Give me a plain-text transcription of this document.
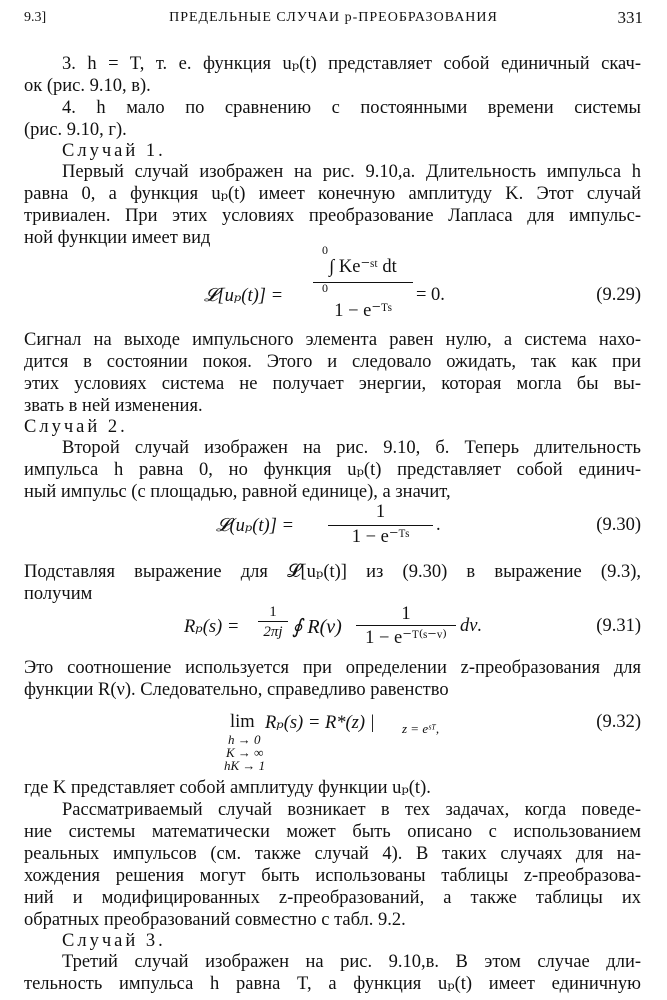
9.3]	ПРЕДЕЛЬНЫЕ СЛУЧАИ p-ПРЕОБРАЗОВАНИЯ	331
3. h = T, т. е. функция uₚ(t) представляет собой единичный скач-
ок (рис. 9.10, в).
4. h мало по сравнению с постоянными времени системы
(рис. 9.10, г).
Случай 1.
Первый случай изображен на рис. 9.10,а. Длительность импульса h
равна 0, а функция uₚ(t) имеет конечную амплитуду K. Этот случай
тривиален. При этих условиях преобразование Лапласа для импульс-
ной функции имеет вид
0
0
𝓛[uₚ(t)] =
∫ Ke⁻ˢᵗ dt
1 − e⁻ᵀˢ
= 0.	(9.29)
Сигнал на выходе импульсного элемента равен нулю, а система нахо-
дится в состоянии покоя. Этого и следовало ожидать, так как при
этих условиях система не получает энергии, которая могла бы вы-
звать в ней изменения.
Случай 2.
Второй случай изображен на рис. 9.10, б. Теперь длительность
импульса h равна 0, но функция uₚ(t) представляет собой единич-
ный импульс (с площадью, равной единице), а значит,
𝓛(uₚ(t)] =
1
1 − e⁻ᵀˢ
.	(9.30)
Подставляя выражение для 𝓛[uₚ(t)] из (9.30) в выражение (9.3),
получим
Rₚ(s) =
1
2πj ∮ R(ν)
1
1 − e⁻ᵀ⁽ˢ⁻ᵛ⁾
dν.	(9.31)
Это соотношение используется при определении z-преобразования для
функции R(ν). Следовательно, справедливо равенство
lim Rₚ(s) = R*(z) | z = eˢᵀ,
h → 0
K → ∞
hK → 1
(9.32)
где K представляет собой амплитуду функции uₚ(t).
Рассматриваемый случай возникает в тех задачах, когда поведе-
ние системы математически может быть описано с использованием
реальных импульсов (см. также случай 4). В таких случаях для на-
хождения решения могут быть использованы таблицы z-преобразова-
ний и модифицированных z-преобразований, а также таблицы их
обратных преобразований совместно с табл. 9.2.
Случай 3.
Третий случай изображен на рис. 9.10,в. В этом случае дли-
тельность импульса h равна T, а функция uₚ(t) имеет единичную
